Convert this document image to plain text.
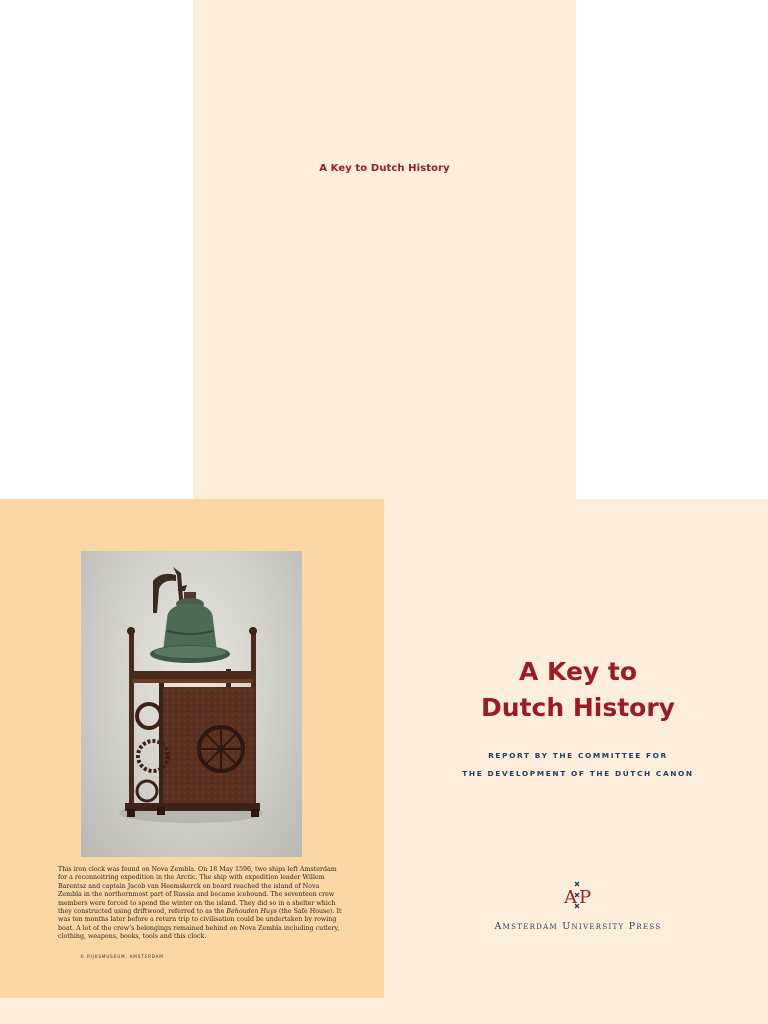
A Key to Dutch History
This iron clock was found on Nova Zembla. On 18 May 1596, two ships left Amsterdam for a reconnoitring expedition in the Arctic. The ship with expedition leader Willem Barentsz and captain Jacob van Heemskerck on board reached the island of Nova Zembla in the northernmost part of Russia and became icebound. The seventeen crew members were forced to spend the winter on the island. They did so in a shelter which they constructed using driftwood, referred to as the Behouden Huys (the Safe House). It was ten months later before a return trip to civilisation could be undertaken by rowing boat. A lot of the crew’s belongings remained behind on Nova Zembla including cutlery, clothing, weapons, books, tools and this clock.
© RIJKSMUSEUM, AMSTERDAM
A Key to
Dutch History
REPORT BY THE COMMITTEE FOR
THE DEVELOPMENT OF THE DUTCH CANON
A P
Amsterdam University Press
